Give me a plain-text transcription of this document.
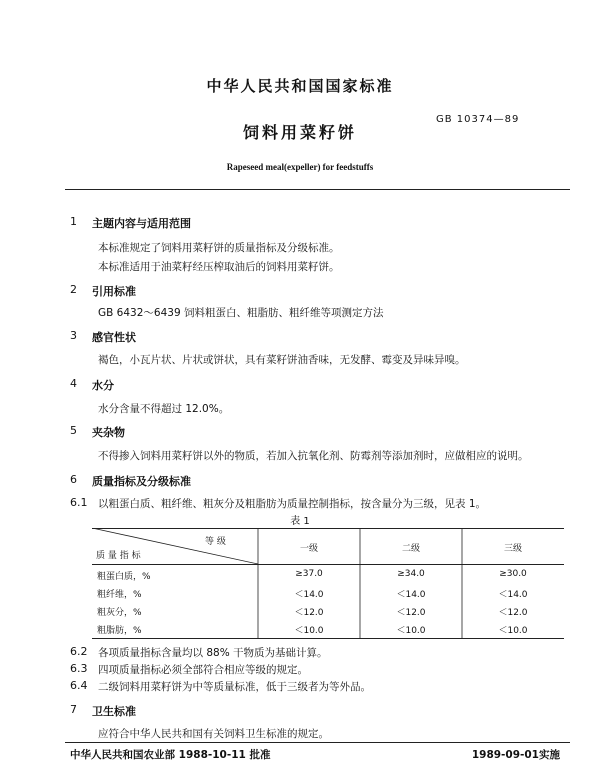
中华人民共和国国家标准
GB 10374—89
饲料用菜籽饼
Rapeseed meal(expeller) for feedstuffs
1 主题内容与适用范围
本标准规定了饲料用菜籽饼的质量指标及分级标准。
本标准适用于油菜籽经压榨取油后的饲料用菜籽饼。
2 引用标准
GB 6432～6439 饲料粗蛋白、粗脂肪、粗纤维等项测定方法
3 感官性状
褐色，小瓦片状、片状或饼状，具有菜籽饼油香味，无发酵、霉变及异味异嗅。
4 水分
水分含量不得超过 12.0%。
5 夹杂物
不得掺入饲料用菜籽饼以外的物质，若加入抗氧化剂、防霉剂等添加剂时，应做相应的说明。
6 质量指标及分级标准
6.1 以粗蛋白质、粗纤维、粗灰分及粗脂肪为质量控制指标，按含量分为三级，见表 1。
表 1
等 级
质 量 指 标
一级	二级	三级
粗蛋白质，%	≥37.0	≥34.0	≥30.0
粗纤维，%	＜14.0	＜14.0	＜14.0
粗灰分，%	＜12.0	＜12.0	＜12.0
粗脂肪，%	＜10.0	＜10.0	＜10.0
6.2 各项质量指标含量均以 88% 干物质为基础计算。
6.3 四项质量指标必须全部符合相应等级的规定。
6.4 二级饲料用菜籽饼为中等质量标准，低于三级者为等外品。
7 卫生标准
应符合中华人民共和国有关饲料卫生标准的规定。
中华人民共和国农业部 1988-10-11 批准	1989-09-01实施
